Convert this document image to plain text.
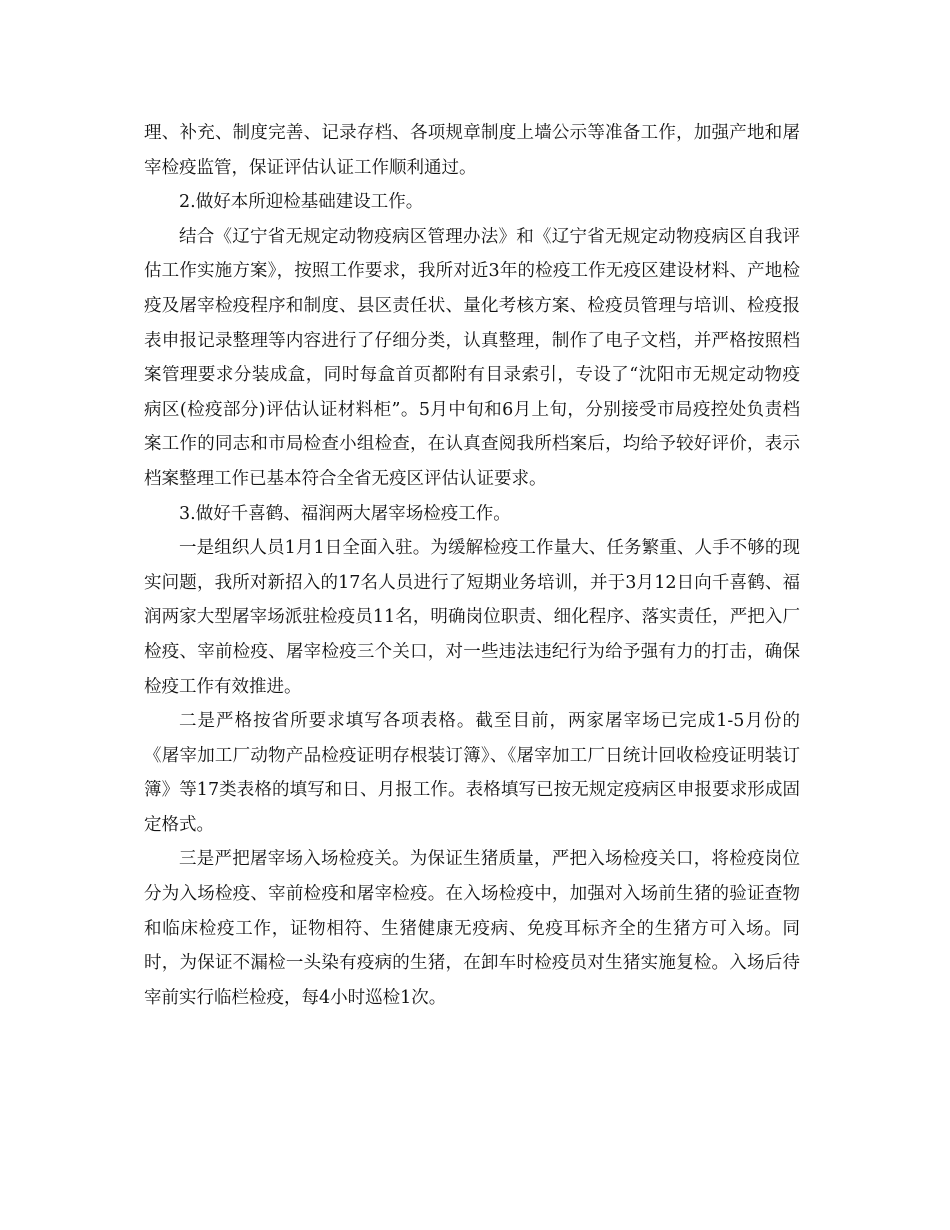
理、补充、制度完善、记录存档、各项规章制度上墙公示等准备工作，加强产地和屠宰检疫监管，保证评估认证工作顺利通过。

2.做好本所迎检基础建设工作。

结合《辽宁省无规定动物疫病区管理办法》和《辽宁省无规定动物疫病区自我评估工作实施方案》，按照工作要求，我所对近3年的检疫工作无疫区建设材料、产地检疫及屠宰检疫程序和制度、县区责任状、量化考核方案、检疫员管理与培训、检疫报表申报记录整理等内容进行了仔细分类，认真整理，制作了电子文档，并严格按照档案管理要求分装成盒，同时每盒首页都附有目录索引，专设了“沈阳市无规定动物疫病区(检疫部分)评估认证材料柜”。5月中旬和6月上旬，分别接受市局疫控处负责档案工作的同志和市局检查小组检查，在认真查阅我所档案后，均给予较好评价，表示档案整理工作已基本符合全省无疫区评估认证要求。

3.做好千喜鹤、福润两大屠宰场检疫工作。

一是组织人员1月1日全面入驻。为缓解检疫工作量大、任务繁重、人手不够的现实问题，我所对新招入的17名人员进行了短期业务培训，并于3月12日向千喜鹤、福润两家大型屠宰场派驻检疫员11名，明确岗位职责、细化程序、落实责任，严把入厂检疫、宰前检疫、屠宰检疫三个关口，对一些违法违纪行为给予强有力的打击，确保检疫工作有效推进。

二是严格按省所要求填写各项表格。截至目前，两家屠宰场已完成1-5月份的《屠宰加工厂动物产品检疫证明存根装订簿》、《屠宰加工厂日统计回收检疫证明装订簿》等17类表格的填写和日、月报工作。表格填写已按无规定疫病区申报要求形成固定格式。

三是严把屠宰场入场检疫关。为保证生猪质量，严把入场检疫关口，将检疫岗位分为入场检疫、宰前检疫和屠宰检疫。在入场检疫中，加强对入场前生猪的验证查物和临床检疫工作，证物相符、生猪健康无疫病、免疫耳标齐全的生猪方可入场。同时，为保证不漏检一头染有疫病的生猪，在卸车时检疫员对生猪实施复检。入场后待宰前实行临栏检疫，每4小时巡检1次。
